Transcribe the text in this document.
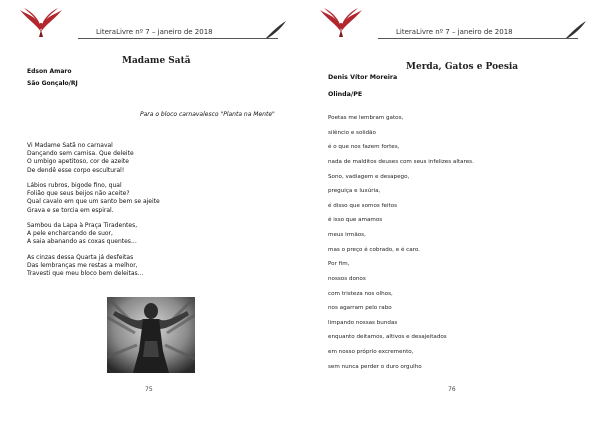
LiteraLivre nº 7 – janeiro de 2018
Madame Satã
Edson Amaro
São Gonçalo/RJ
Para o bloco carnavalesco "Planta na Mente"
Vi Madame Satã no carnaval
Dançando sem camisa. Que deleite
O umbigo apetitoso, cor de azeite
De dendê esse corpo escultural!
Lábios rubros, bigode fino, qual
Folião que seus beijos não aceite?
Qual cavalo em que um santo bem se ajeite
Grava e se torcia em espiral.
Sambou da Lapa à Praça Tiradentes,
A pele encharcando de suor,
A saia abanando as coxas quentes…
As cinzas dessa Quarta já desfeitas
Das lembranças me restas a melhor,
Travesti que meu bloco bem deleitas…
75
LiteraLivre nº 7 – janeiro de 2018
Merda, Gatos e Poesia
Denis Vítor Moreira
Olinda/PE
Poetas me lembram gatos,
silêncio e solidão
é o que nos fazem fortes,
nada de malditos deuses com seus infelizes altares.
Sono, vadiagem e desapego,
preguiça e luxúria,
é disso que somos feitos
é isso que amamos
meus irmãos,
mas o preço é cobrado, e é caro.
Por fim,
nossos donos
com tristeza nos olhos,
nos agarram pelo rabo
limpando nossas bundas
enquanto deitamos, altivos e desajeitados
em nosso próprio excremento,
sem nunca perder o duro orgulho
76
